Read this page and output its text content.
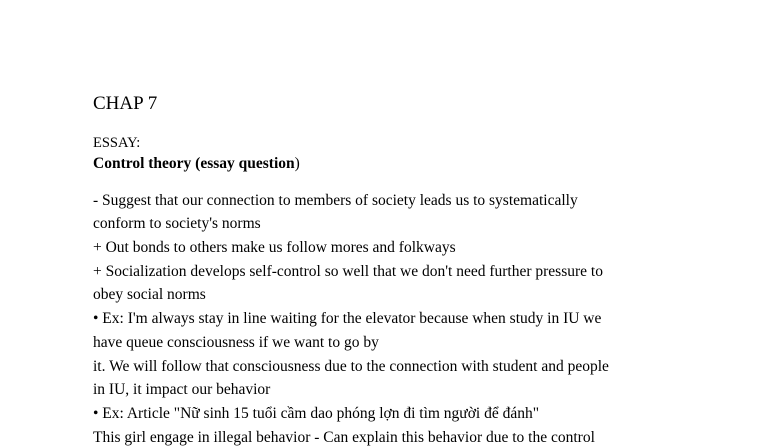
CHAP 7
ESSAY:
Control theory (essay question)
- Suggest that our connection to members of society leads us to systematically
conform to society's norms
+ Out bonds to others make us follow mores and folkways
+ Socialization develops self-control so well that we don't need further pressure to
obey social norms
• Ex: I'm always stay in line waiting for the elevator because when study in IU we
have queue consciousness if we want to go by
it. We will follow that consciousness due to the connection with student and people
in IU, it impact our behavior
• Ex: Article "Nữ sinh 15 tuổi cầm dao phóng lợn đi tìm người để đánh"
This girl engage in illegal behavior - Can explain this behavior due to the control
